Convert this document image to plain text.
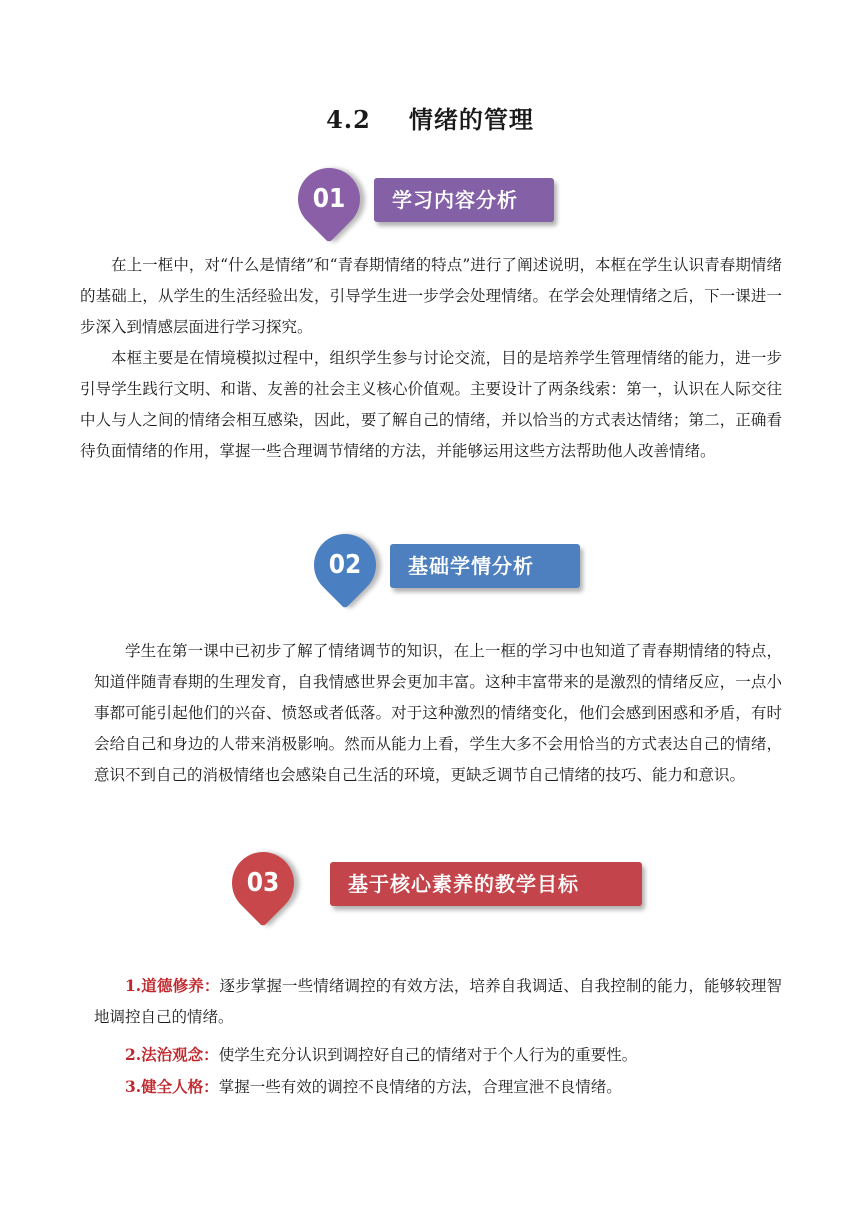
4.2 情绪的管理
01	学习内容分析

在上一框中，对“什么是情绪”和“青春期情绪的特点”进行了阐述说明，本框在学生认识青春期情绪的基础上，从学生的生活经验出发，引导学生进一步学会处理情绪。在学会处理情绪之后，下一课进一步深入到情感层面进行学习探究。

本框主要是在情境模拟过程中，组织学生参与讨论交流，目的是培养学生管理情绪的能力，进一步引导学生践行文明、和谐、友善的社会主义核心价值观。主要设计了两条线索：第一，认识在人际交往中人与人之间的情绪会相互感染，因此，要了解自己的情绪，并以恰当的方式表达情绪；第二，正确看待负面情绪的作用，掌握一些合理调节情绪的方法，并能够运用这些方法帮助他人改善情绪。

02	基础学情分析

学生在第一课中已初步了解了情绪调节的知识，在上一框的学习中也知道了青春期情绪的特点，知道伴随青春期的生理发育，自我情感世界会更加丰富。这种丰富带来的是激烈的情绪反应，一点小事都可能引起他们的兴奋、愤怒或者低落。对于这种激烈的情绪变化，他们会感到困惑和矛盾，有时会给自己和身边的人带来消极影响。然而从能力上看，学生大多不会用恰当的方式表达自己的情绪，意识不到自己的消极情绪也会感染自己生活的环境，更缺乏调节自己情绪的技巧、能力和意识。

03	基于核心素养的教学目标

1.道德修养：逐步掌握一些情绪调控的有效方法，培养自我调适、自我控制的能力，能够较理智地调控自己的情绪。

2.法治观念：使学生充分认识到调控好自己的情绪对于个人行为的重要性。

3.健全人格：掌握一些有效的调控不良情绪的方法，合理宣泄不良情绪。
